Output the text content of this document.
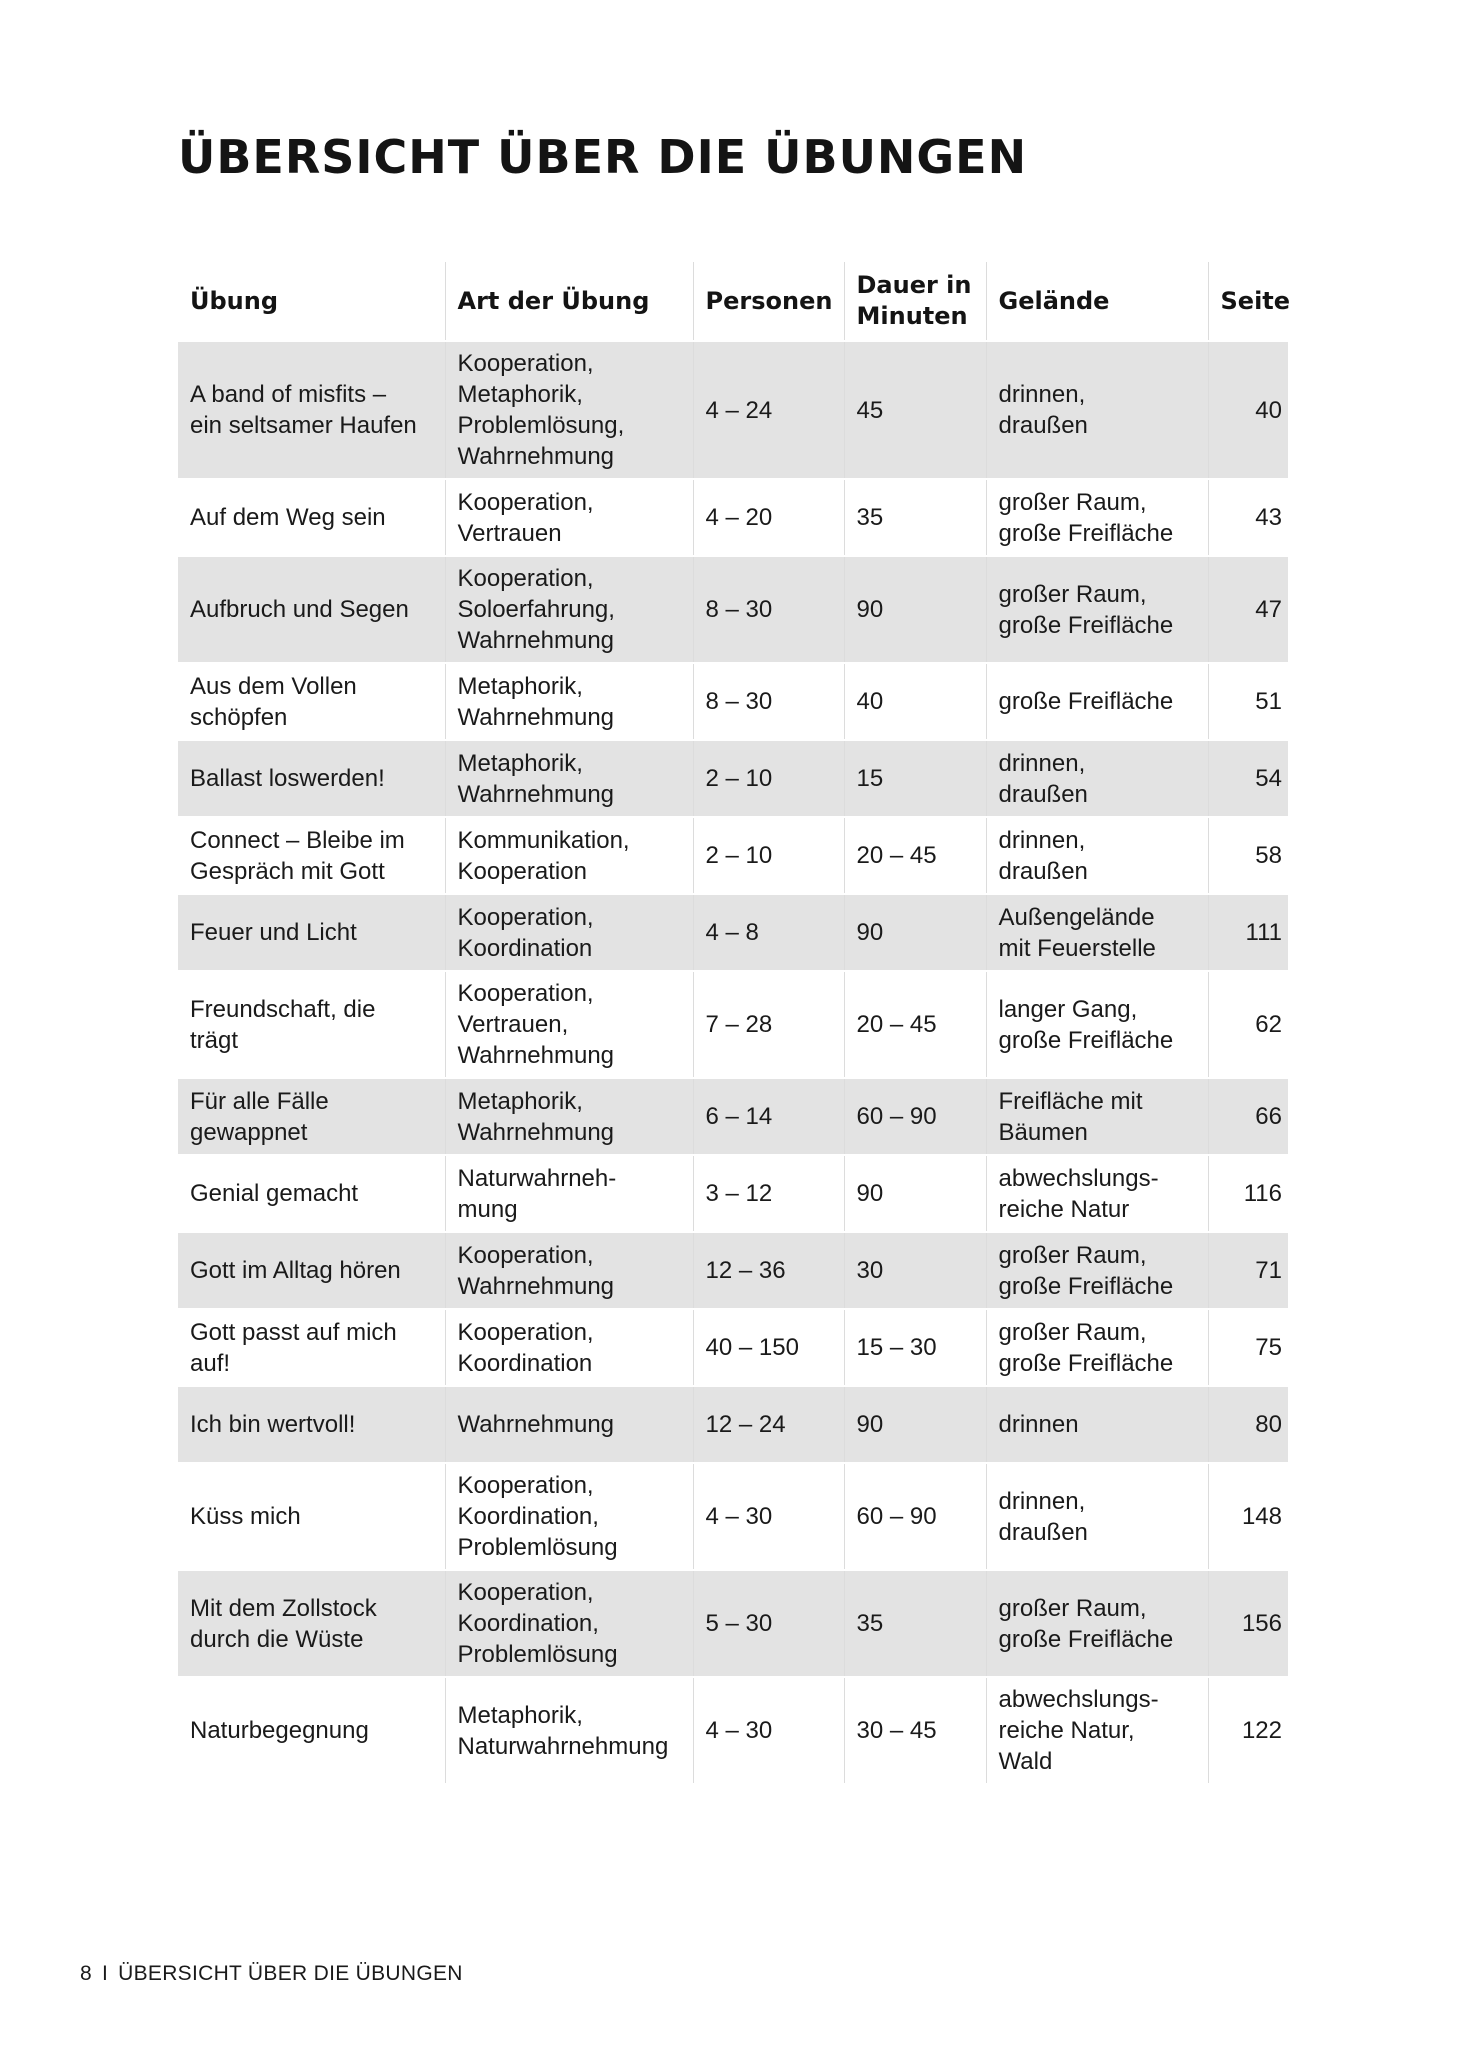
ÜBERSICHT ÜBER DIE ÜBUNGEN
Übung	Art der Übung	Personen	Dauer in
Minuten	Gelände	Seite
A band of misfits –
ein seltsamer Haufen	Kooperation,
Metaphorik,
Problemlösung,
Wahrnehmung	4 – 24	45	drinnen,
draußen	40
Auf dem Weg sein	Kooperation,
Vertrauen	4 – 20	35	großer Raum,
große Freifläche	43
Aufbruch und Segen	Kooperation,
Soloerfahrung,
Wahrnehmung	8 – 30	90	großer Raum,
große Freifläche	47
Aus dem Vollen
schöpfen	Metaphorik,
Wahrnehmung	8 – 30	40	große Freifläche	51
Ballast loswerden!	Metaphorik,
Wahrnehmung	2 – 10	15	drinnen,
draußen	54
Connect – Bleibe im
Gespräch mit Gott	Kommunikation,
Kooperation	2 – 10	20 – 45	drinnen,
draußen	58
Feuer und Licht	Kooperation,
Koordination	4 – 8	90	Außengelände
mit Feuerstelle	111
Freundschaft, die
trägt	Kooperation,
Vertrauen,
Wahrnehmung	7 – 28	20 – 45	langer Gang,
große Freifläche	62
Für alle Fälle
gewappnet	Metaphorik,
Wahrnehmung	6 – 14	60 – 90	Freifläche mit
Bäumen	66
Genial gemacht	Naturwahrneh-
mung	3 – 12	90	abwechslungs-
reiche Natur	116
Gott im Alltag hören	Kooperation,
Wahrnehmung	12 – 36	30	großer Raum,
große Freifläche	71
Gott passt auf mich
auf!	Kooperation,
Koordination	40 – 150	15 – 30	großer Raum,
große Freifläche	75
Ich bin wertvoll!	Wahrnehmung	12 – 24	90	drinnen	80
Küss mich	Kooperation,
Koordination,
Problemlösung	4 – 30	60 – 90	drinnen,
draußen	148
Mit dem Zollstock
durch die Wüste	Kooperation,
Koordination,
Problemlösung	5 – 30	35	großer Raum,
große Freifläche	156
Naturbegegnung	Metaphorik,
Naturwahrnehmung	4 – 30	30 – 45	abwechslungs-
reiche Natur,
Wald	122
8 I ÜBERSICHT ÜBER DIE ÜBUNGEN
